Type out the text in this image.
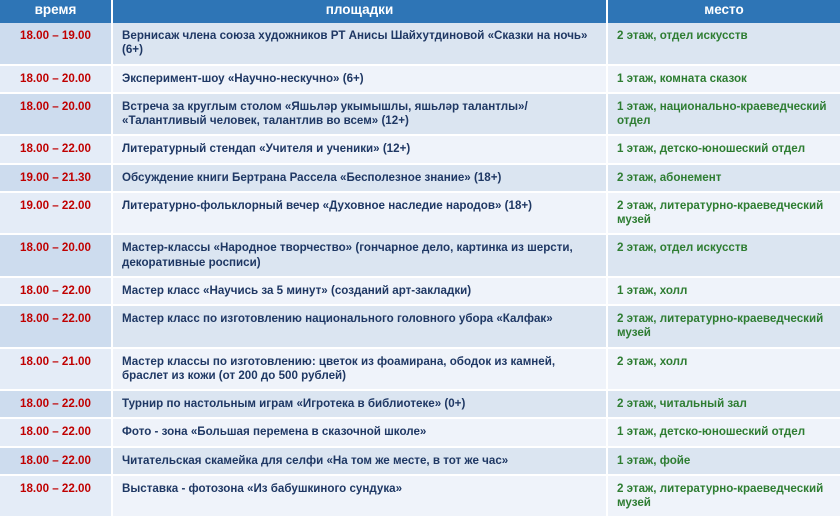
время	площадки	место
18.00 – 19.00	Вернисаж члена союза художников РТ Анисы Шайхутдиновой «Сказки на ночь» (6+)	2 этаж, отдел искусств
18.00 – 20.00	Эксперимент-шоу «Научно-нескучно» (6+)	1 этаж, комната сказок
18.00 – 20.00	Встреча за круглым столом «Яшьләр укымышлы, яшьләр талантлы»/ «Талантливый человек, талантлив во всем» (12+)	1 этаж, национально-краеведческий отдел
18.00 – 22.00	Литературный стендап «Учителя и ученики» (12+)	1 этаж, детско-юношеский отдел
19.00 – 21.30	Обсуждение книги Бертрана Рассела «Бесполезное знание» (18+)	2 этаж, абонемент
19.00 – 22.00	Литературно-фольклорный вечер «Духовное наследие народов» (18+)	2 этаж, литературно-краеведческий музей
18.00 – 20.00	Мастер-классы «Народное творчество» (гончарное дело, картинка из шерсти, декоративные росписи)	2 этаж, отдел искусств
18.00 – 22.00	Мастер класс «Научись за 5 минут» (созданий арт-закладки)	1 этаж, холл
18.00 – 22.00	Мастер класс по изготовлению национального головного убора «Калфак»	2 этаж, литературно-краеведческий музей
18.00 – 21.00	Мастер классы по изготовлению: цветок из фоамирана, ободок из камней, браслет из кожи (от 200 до 500 рублей)	2 этаж, холл
18.00 – 22.00	Турнир по настольным играм «Игротека в библиотеке» (0+)	2 этаж, читальный зал
18.00 – 22.00	Фото - зона «Большая перемена в сказочной школе»	1 этаж, детско-юношеский отдел
18.00 – 22.00	Читательская скамейка для селфи «На том же месте, в тот же час»	1 этаж, фойе
18.00 – 22.00	Выставка - фотозона «Из бабушкиного сундука»	2 этаж, литературно-краеведческий музей
